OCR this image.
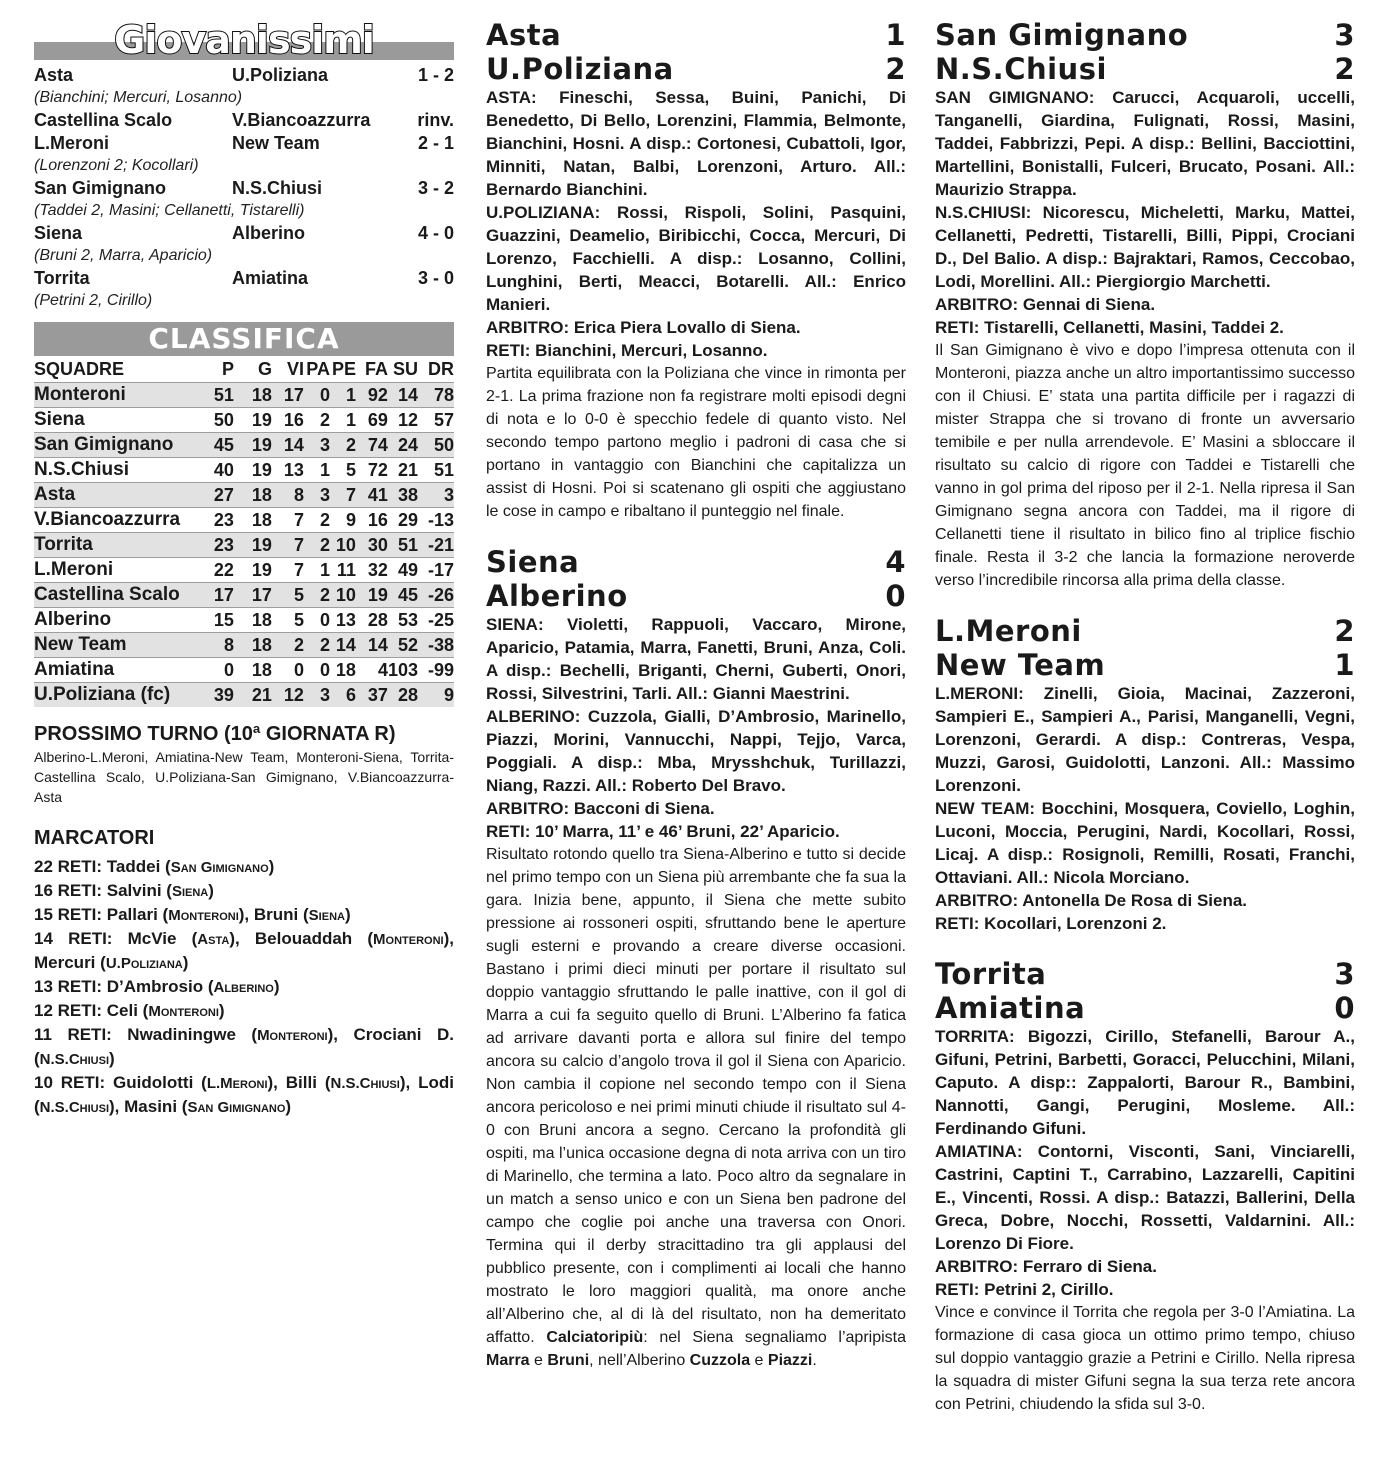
Giovanissimi
Asta	U.Poliziana	1 - 2
(Bianchini; Mercuri, Losanno)
Castellina Scalo	V.Biancoazzurra	rinv.
L.Meroni	New Team	2 - 1
(Lorenzoni 2; Kocollari)
San Gimignano	N.S.Chiusi	3 - 2
(Taddei 2, Masini; Cellanetti, Tistarelli)
Siena	Alberino	4 - 0
(Bruni 2, Marra, Aparicio)
Torrita	Amiatina	3 - 0
(Petrini 2, Cirillo)
CLASSIFICA
SQUADRE	P	G	VI	PA	PE	FA	SU	DR
Monteroni	51	18	17	0	1	92	14	78
Siena	50	19	16	2	1	69	12	57
San Gimignano	45	19	14	3	2	74	24	50
N.S.Chiusi	40	19	13	1	5	72	21	51
Asta	27	18	8	3	7	41	38	3
V.Biancoazzurra	23	18	7	2	9	16	29	-13
Torrita	23	19	7	2	10	30	51	-21
L.Meroni	22	19	7	1	11	32	49	-17
Castellina Scalo	17	17	5	2	10	19	45	-26
Alberino	15	18	5	0	13	28	53	-25
New Team	8	18	2	2	14	14	52	-38
Amiatina	0	18	0	0	18	4	103	-99
U.Poliziana (fc)	39	21	12	3	6	37	28	9
PROSSIMO TURNO (10ª GIORNATA R)
Alberino-L.Meroni, Amiatina-New Team, Monteroni-Siena, Torrita-Castellina Scalo, U.Poliziana-San Gimignano, V.Biancoazzurra-Asta
MARCATORI
22 RETI: Taddei (San Gimignano)
16 RETI: Salvini (Siena)
15 RETI: Pallari (Monteroni), Bruni (Siena)
14 RETI: McVie (Asta), Belouaddah (Monteroni), Mercuri (U.Poliziana)
13 RETI: D’Ambrosio (Alberino)
12 RETI: Celi (Monteroni)
11 RETI: Nwadiningwe (Monteroni), Crociani D. (N.S.Chiusi)
10 RETI: Guidolotti (L.Meroni), Billi (N.S.Chiusi), Lodi (N.S.Chiusi), Masini (San Gimignano)
Asta	1
U.Poliziana	2
ASTA: Fineschi, Sessa, Buini, Panichi, Di Benedetto, Di Bello, Lorenzini, Flammia, Belmonte, Bianchini, Hosni. A disp.: Cortonesi, Cubattoli, Igor, Minniti, Natan, Balbi, Lorenzoni, Arturo. All.: Bernardo Bianchini.
U.POLIZIANA: Rossi, Rispoli, Solini, Pasquini, Guazzini, Deamelio, Biribicchi, Cocca, Mercuri, Di Lorenzo, Facchielli. A disp.: Losanno, Collini, Lunghini, Berti, Meacci, Botarelli. All.: Enrico Manieri.
ARBITRO: Erica Piera Lovallo di Siena.
RETI: Bianchini, Mercuri, Losanno.
Partita equilibrata con la Poliziana che vince in rimonta per 2-1. La prima frazione non fa registrare molti episodi degni di nota e lo 0-0 è specchio fedele di quanto visto. Nel secondo tempo partono meglio i padroni di casa che si portano in vantaggio con Bianchini che capitalizza un assist di Hosni. Poi si scatenano gli ospiti che aggiustano le cose in campo e ribaltano il punteggio nel finale.
Siena	4
Alberino	0
SIENA: Violetti, Rappuoli, Vaccaro, Mirone, Aparicio, Patamia, Marra, Fanetti, Bruni, Anza, Coli. A disp.: Bechelli, Briganti, Cherni, Guberti, Onori, Rossi, Silvestrini, Tarli. All.: Gianni Maestrini.
ALBERINO: Cuzzola, Gialli, D’Ambrosio, Marinello, Piazzi, Morini, Vannucchi, Nappi, Tejjo, Varca, Poggiali. A disp.: Mba, Mrysshchuk, Turillazzi, Niang, Razzi. All.: Roberto Del Bravo.
ARBITRO: Bacconi di Siena.
RETI: 10’ Marra, 11’ e 46’ Bruni, 22’ Aparicio.
Risultato rotondo quello tra Siena-Alberino e tutto si decide nel primo tempo con un Siena più arrembante che fa sua la gara. Inizia bene, appunto, il Siena che mette subito pressione ai rossoneri ospiti, sfruttando bene le aperture sugli esterni e provando a creare diverse occasioni. Bastano i primi dieci minuti per portare il risultato sul doppio vantaggio sfruttando le palle inattive, con il gol di Marra a cui fa seguito quello di Bruni. L’Alberino fa fatica ad arrivare davanti porta e allora sul finire del tempo ancora su calcio d’angolo trova il gol il Siena con Aparicio. Non cambia il copione nel secondo tempo con il Siena ancora pericoloso e nei primi minuti chiude il risultato sul 4-0 con Bruni ancora a segno. Cercano la profondità gli ospiti, ma l’unica occasione degna di nota arriva con un tiro di Marinello, che termina a lato. Poco altro da segnalare in un match a senso unico e con un Siena ben padrone del campo che coglie poi anche una traversa con Onori. Termina qui il derby stracittadino tra gli applausi del pubblico presente, con i complimenti ai locali che hanno mostrato le loro maggiori qualità, ma onore anche all’Alberino che, al di là del risultato, non ha demeritato affatto. Calciatoripiù: nel Siena segnaliamo l’apripista Marra e Bruni, nell’Alberino Cuzzola e Piazzi.
San Gimignano	3
N.S.Chiusi	2
SAN GIMIGNANO: Carucci, Acquaroli, uccelli, Tanganelli, Giardina, Fulignati, Rossi, Masini, Taddei, Fabbrizzi, Pepi. A disp.: Bellini, Bacciottini, Martellini, Bonistalli, Fulceri, Brucato, Posani. All.: Maurizio Strappa.
N.S.CHIUSI: Nicorescu, Micheletti, Marku, Mattei, Cellanetti, Pedretti, Tistarelli, Billi, Pippi, Crociani D., Del Balio. A disp.: Bajraktari, Ramos, Ceccobao, Lodi, Morellini. All.: Piergiorgio Marchetti.
ARBITRO: Gennai di Siena.
RETI: Tistarelli, Cellanetti, Masini, Taddei 2.
Il San Gimignano è vivo e dopo l’impresa ottenuta con il Monteroni, piazza anche un altro importantissimo successo con il Chiusi. E’ stata una partita difficile per i ragazzi di mister Strappa che si trovano di fronte un avversario temibile e per nulla arrendevole. E’ Masini a sbloccare il risultato su calcio di rigore con Taddei e Tistarelli che vanno in gol prima del riposo per il 2-1. Nella ripresa il San Gimignano segna ancora con Taddei, ma il rigore di Cellanetti tiene il risultato in bilico fino al triplice fischio finale. Resta il 3-2 che lancia la formazione neroverde verso l’incredibile rincorsa alla prima della classe.
L.Meroni	2
New Team	1
L.MERONI: Zinelli, Gioia, Macinai, Zazzeroni, Sampieri E., Sampieri A., Parisi, Manganelli, Vegni, Lorenzoni, Gerardi. A disp.: Contreras, Vespa, Muzzi, Garosi, Guidolotti, Lanzoni. All.: Massimo Lorenzoni.
NEW TEAM: Bocchini, Mosquera, Coviello, Loghin, Luconi, Moccia, Perugini, Nardi, Kocollari, Rossi, Licaj. A disp.: Rosignoli, Remilli, Rosati, Franchi, Ottaviani. All.: Nicola Morciano.
ARBITRO: Antonella De Rosa di Siena.
RETI: Kocollari, Lorenzoni 2.
Torrita	3
Amiatina	0
TORRITA: Bigozzi, Cirillo, Stefanelli, Barour A., Gifuni, Petrini, Barbetti, Goracci, Pelucchini, Milani, Caputo. A disp:: Zappalorti, Barour R., Bambini, Nannotti, Gangi, Perugini, Mosleme. All.: Ferdinando Gifuni.
AMIATINA: Contorni, Visconti, Sani, Vinciarelli, Castrini, Captini T., Carrabino, Lazzarelli, Capitini E., Vincenti, Rossi. A disp.: Batazzi, Ballerini, Della Greca, Dobre, Nocchi, Rossetti, Valdarnini. All.: Lorenzo Di Fiore.
ARBITRO: Ferraro di Siena.
RETI: Petrini 2, Cirillo.
Vince e convince il Torrita che regola per 3-0 l’Amiatina. La formazione di casa gioca un ottimo primo tempo, chiuso sul doppio vantaggio grazie a Petrini e Cirillo. Nella ripresa la squadra di mister Gifuni segna la sua terza rete ancora con Petrini, chiudendo la sfida sul 3-0.
